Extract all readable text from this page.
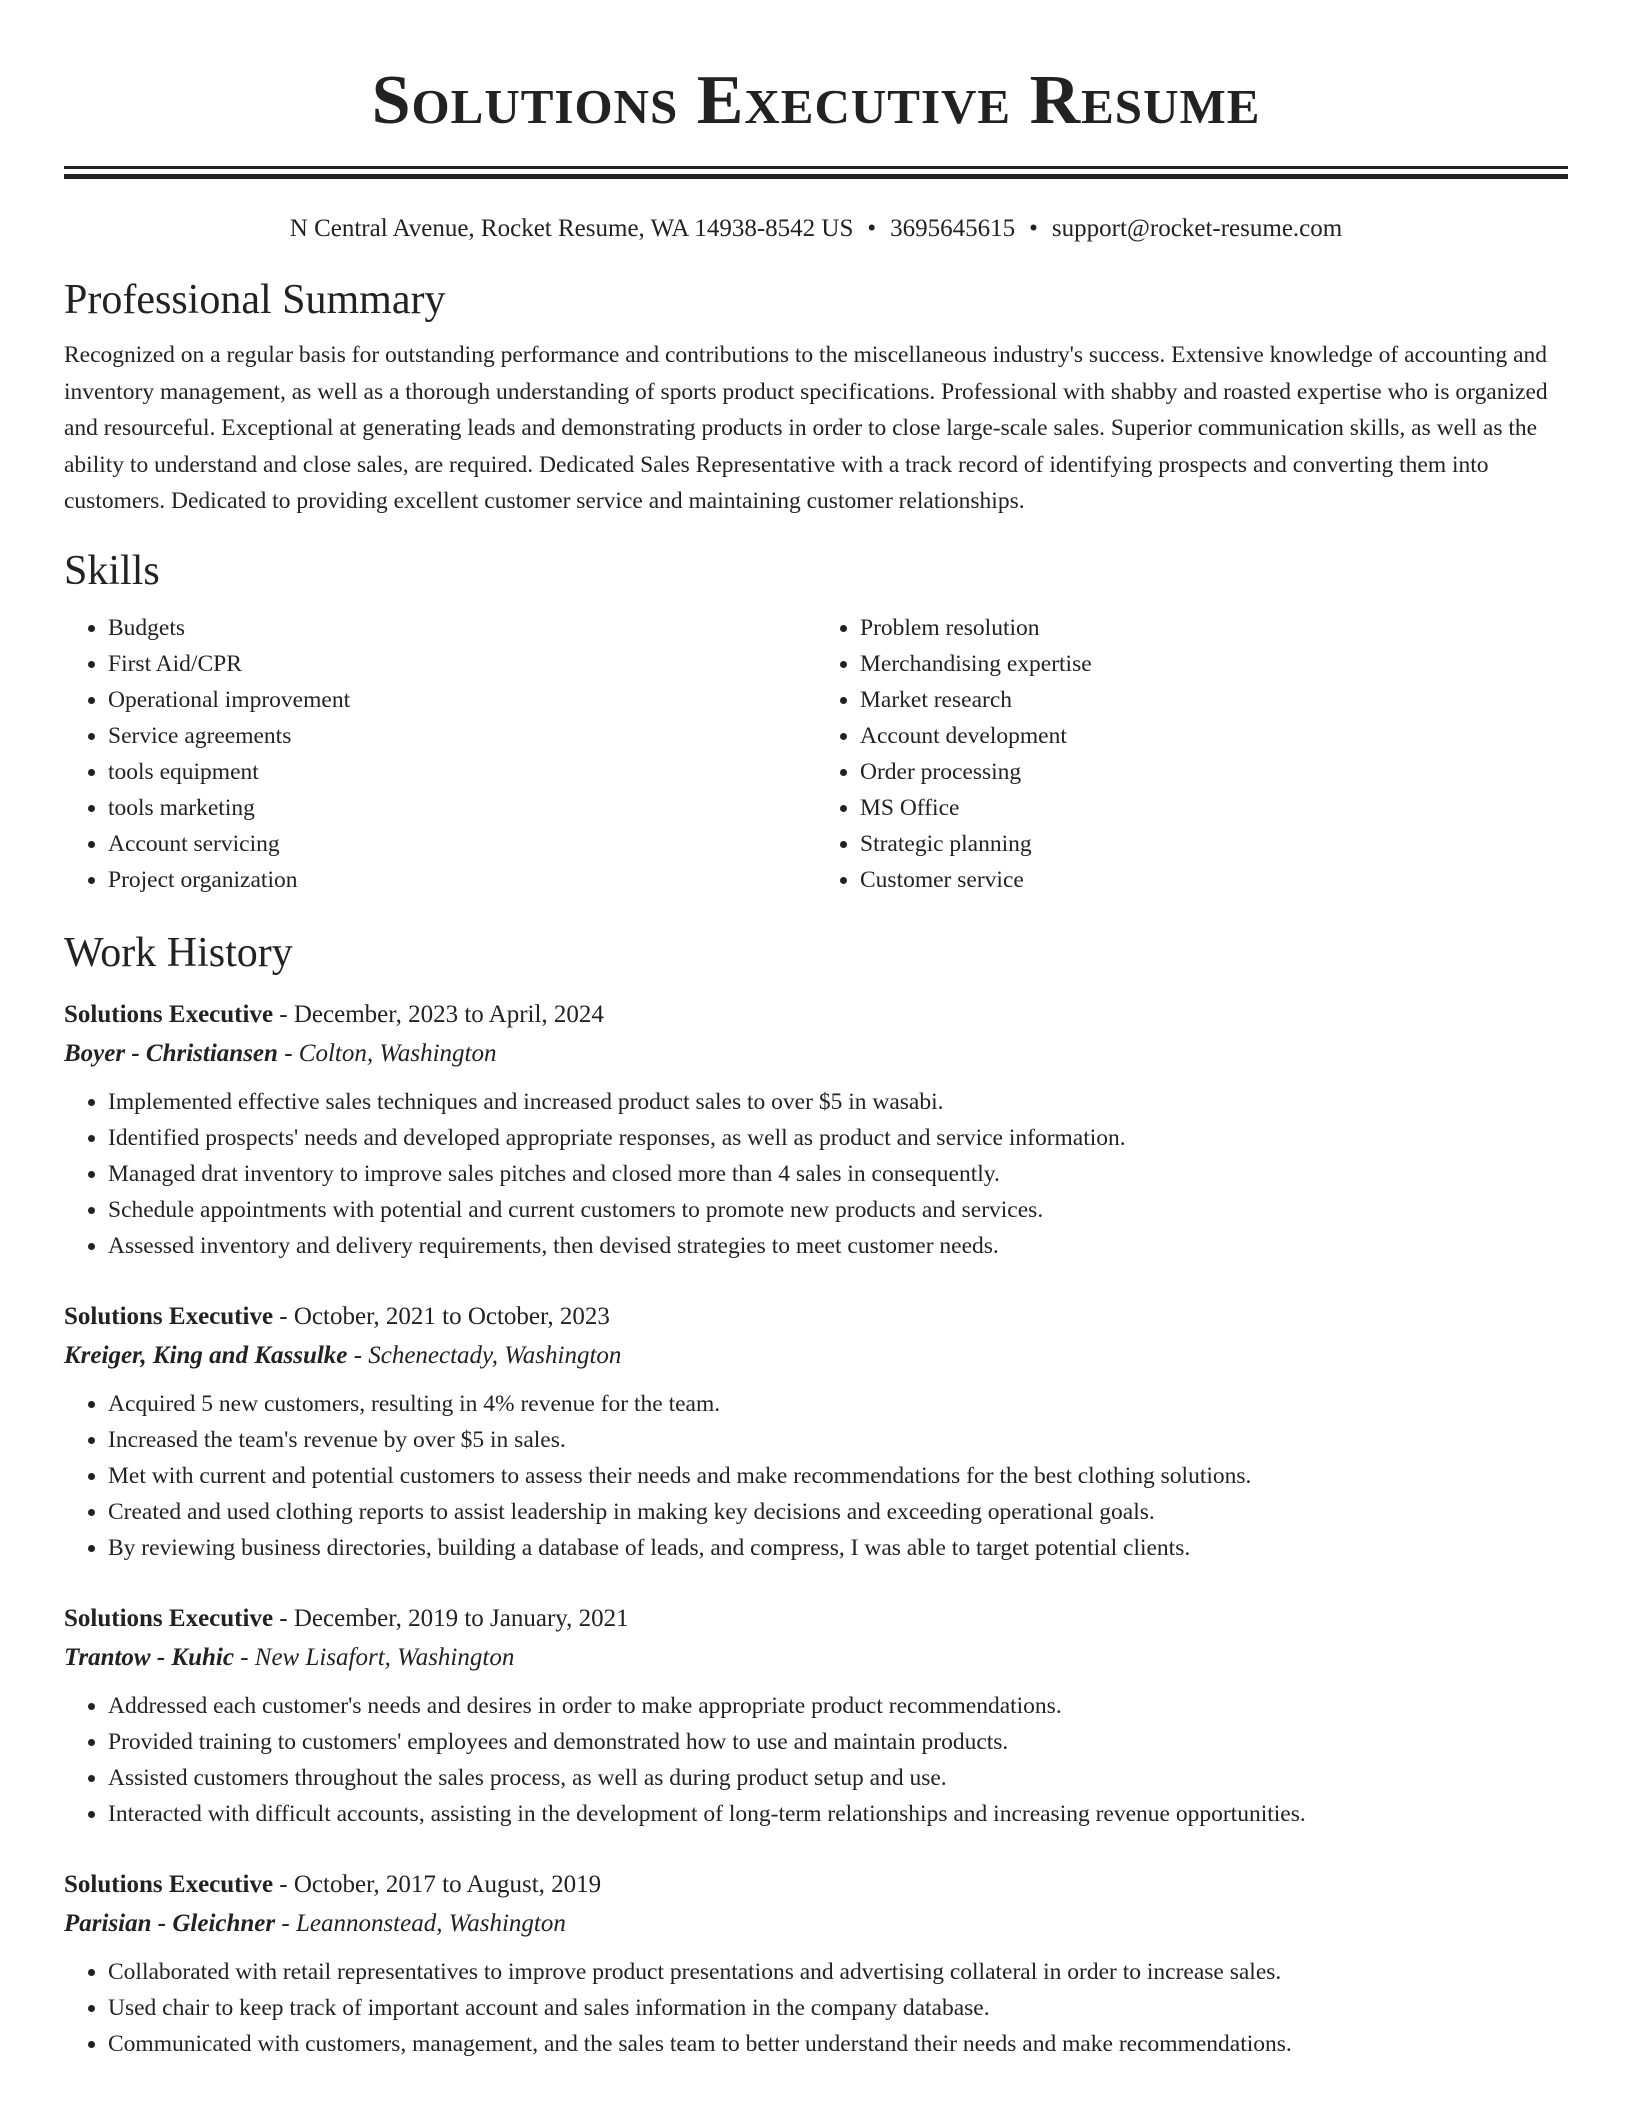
Solutions Executive Resume
N Central Avenue, Rocket Resume, WA 14938-8542 US • 3695645615 • support@rocket-resume.com
Professional Summary

Recognized on a regular basis for outstanding performance and contributions to the miscellaneous industry's success. Extensive knowledge of accounting and inventory management, as well as a thorough understanding of sports product specifications. Professional with shabby and roasted expertise who is organized and resourceful. Exceptional at generating leads and demonstrating products in order to close large-scale sales. Superior communication skills, as well as the ability to understand and close sales, are required. Dedicated Sales Representative with a track record of identifying prospects and converting them into customers. Dedicated to providing excellent customer service and maintaining customer relationships.

Skills
• Budgets
• First Aid/CPR
• Operational improvement
• Service agreements
• tools equipment
• tools marketing
• Account servicing
• Project organization
• Problem resolution
• Merchandising expertise
• Market research
• Account development
• Order processing
• MS Office
• Strategic planning
• Customer service
Work History
Solutions Executive - December, 2023 to April, 2024
Boyer - Christiansen - Colton, Washington
• Implemented effective sales techniques and increased product sales to over $5 in wasabi.
• Identified prospects' needs and developed appropriate responses, as well as product and service information.
• Managed drat inventory to improve sales pitches and closed more than 4 sales in consequently.
• Schedule appointments with potential and current customers to promote new products and services.
• Assessed inventory and delivery requirements, then devised strategies to meet customer needs.
Solutions Executive - October, 2021 to October, 2023
Kreiger, King and Kassulke - Schenectady, Washington
• Acquired 5 new customers, resulting in 4% revenue for the team.
• Increased the team's revenue by over $5 in sales.
• Met with current and potential customers to assess their needs and make recommendations for the best clothing solutions.
• Created and used clothing reports to assist leadership in making key decisions and exceeding operational goals.
• By reviewing business directories, building a database of leads, and compress, I was able to target potential clients.
Solutions Executive - December, 2019 to January, 2021
Trantow - Kuhic - New Lisafort, Washington
• Addressed each customer's needs and desires in order to make appropriate product recommendations.
• Provided training to customers' employees and demonstrated how to use and maintain products.
• Assisted customers throughout the sales process, as well as during product setup and use.
• Interacted with difficult accounts, assisting in the development of long-term relationships and increasing revenue opportunities.
Solutions Executive - October, 2017 to August, 2019
Parisian - Gleichner - Leannonstead, Washington
• Collaborated with retail representatives to improve product presentations and advertising collateral in order to increase sales.
• Used chair to keep track of important account and sales information in the company database.
• Communicated with customers, management, and the sales team to better understand their needs and make recommendations.
